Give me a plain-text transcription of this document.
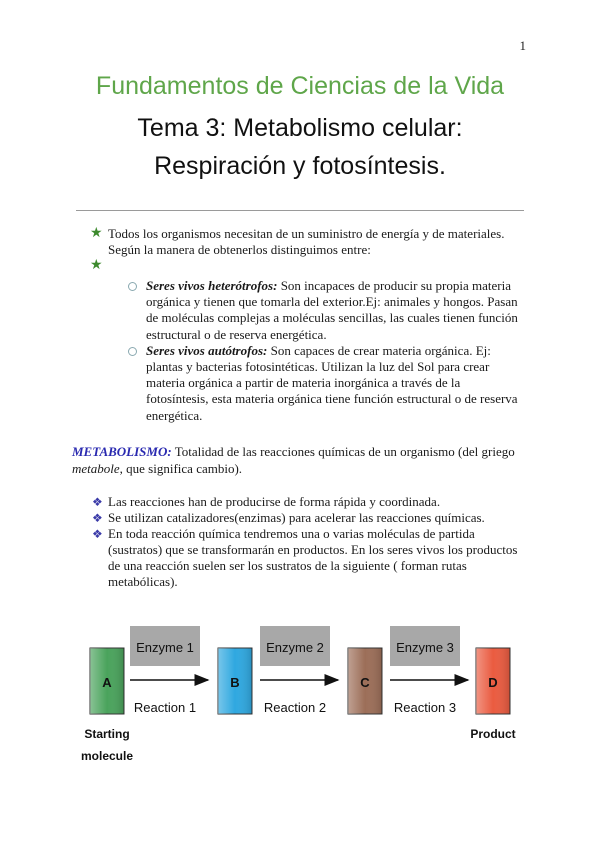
1
Fundamentos de Ciencias de la Vida
Tema 3: Metabolismo celular:
Respiración y fotosíntesis.
★ Todos los organismos necesitan de un suministro de energía y de materiales. Según la manera de obtenerlos distinguimos entre:
★
Seres vivos heterótrofos: Son incapaces de producir su propia materia orgánica y tienen que tomarla del exterior.Ej: animales y hongos. Pasan de moléculas complejas a moléculas sencillas, las cuales tienen función estructural o de reserva energética.
Seres vivos autótrofos: Son capaces de crear materia orgánica. Ej: plantas y bacterias fotosintéticas. Utilizan la luz del Sol para crear materia orgánica a partir de materia inorgánica a través de la fotosíntesis, esta materia orgánica tiene función estructural o de reserva energética.
METABOLISMO: Totalidad de las reacciones químicas de un organismo (del griego metabole, que significa cambio).
❖ Las reacciones han de producirse de forma rápida y coordinada.
❖ Se utilizan catalizadores(enzimas) para acelerar las reacciones químicas.
❖ En toda reacción química tendremos una o varias moléculas de partida (sustratos) que se transformarán en productos. En los seres vivos los productos de una reacción suelen ser los sustratos de la siguiente ( forman rutas metabólicas).
A	B	C	D
Enzyme 1	Enzyme 2	Enzyme 3
Reaction 1	Reaction 2	Reaction 3
Starting
molecule
Product
